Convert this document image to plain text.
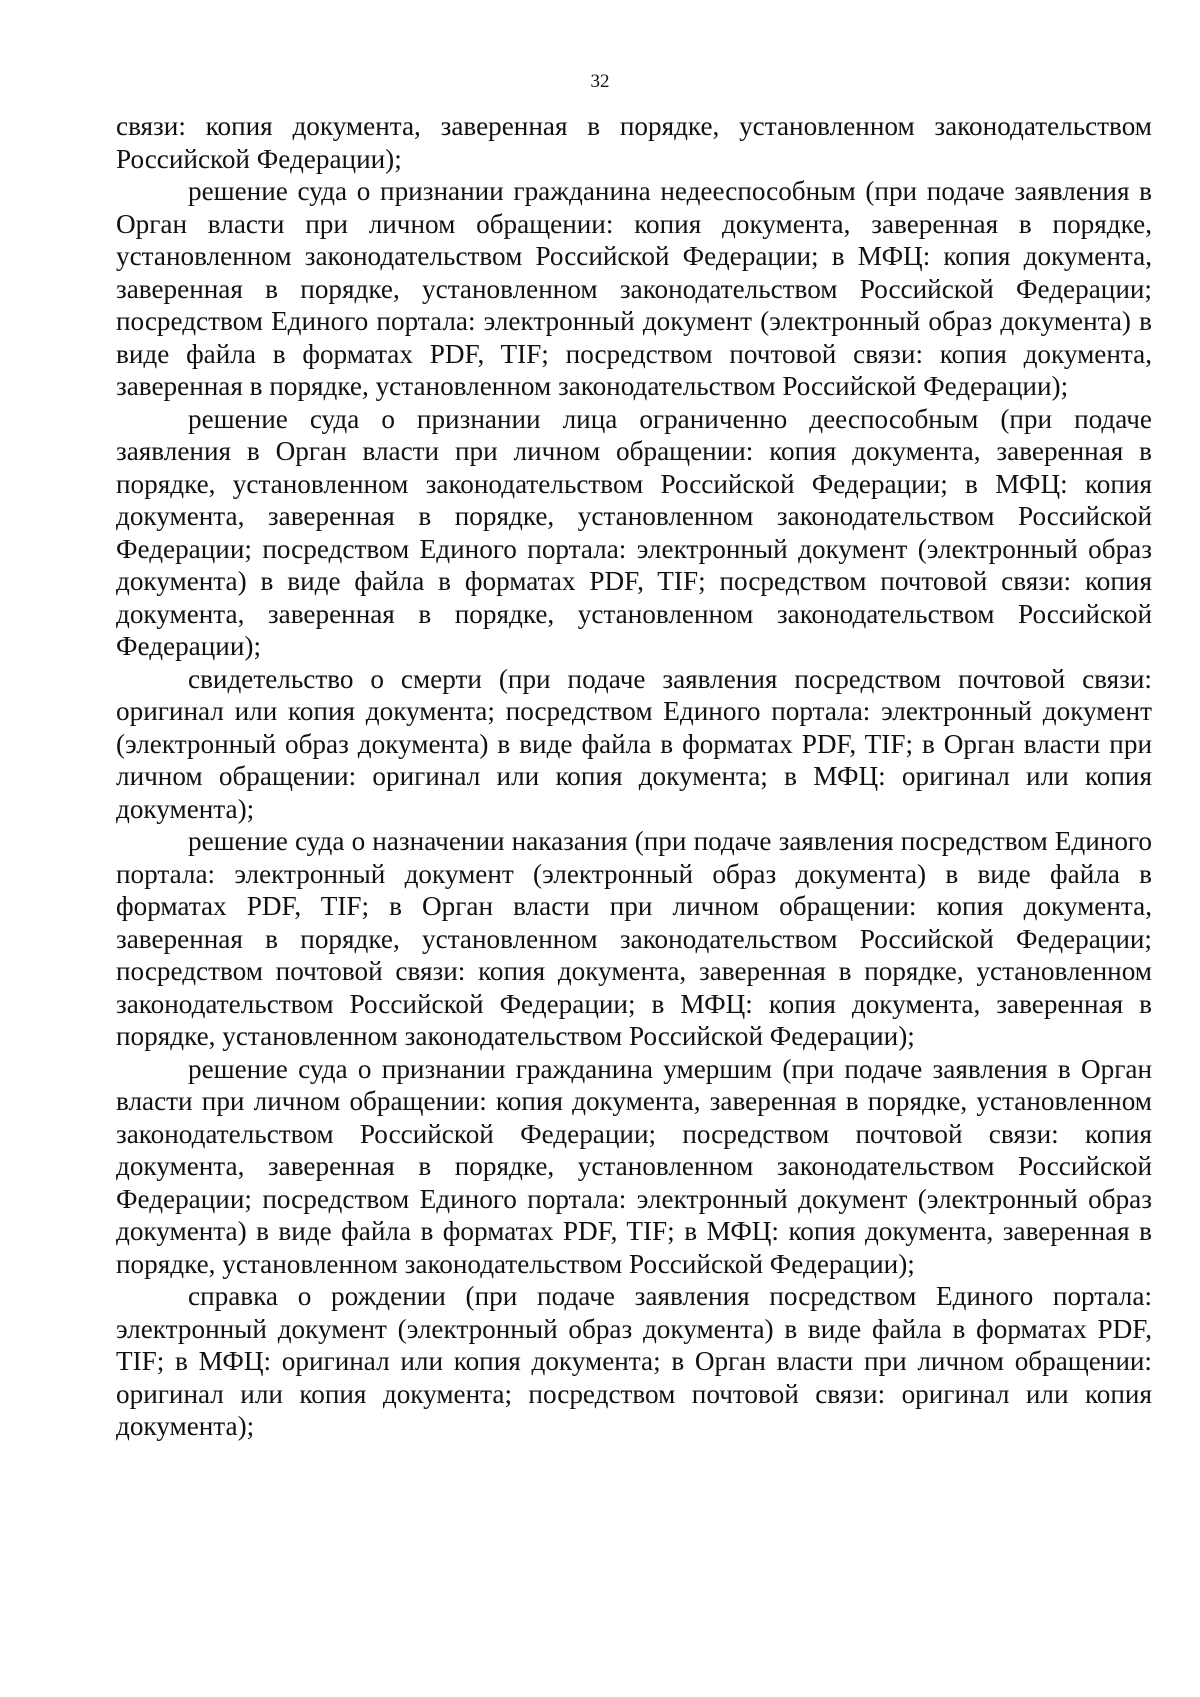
32

связи: копия документа, заверенная в порядке, установленном законодательством Российской Федерации);

решение суда о признании гражданина недееспособным (при подаче заявления в Орган власти при личном обращении: копия документа, заверенная в порядке, установленном законодательством Российской Федерации; в МФЦ: копия документа, заверенная в порядке, установленном законодательством Российской Федерации; посредством Единого портала: электронный документ (электронный образ документа) в виде файла в форматах PDF, TIF; посредством почтовой связи: копия документа, заверенная в порядке, установленном законодательством Российской Федерации);

решение суда о признании лица ограниченно дееспособным (при подаче заявления в Орган власти при личном обращении: копия документа, заверенная в порядке, установленном законодательством Российской Федерации; в МФЦ: копия документа, заверенная в порядке, установленном законодательством Российской Федерации; посредством Единого портала: электронный документ (электронный образ документа) в виде файла в форматах PDF, TIF; посредством почтовой связи: копия документа, заверенная в порядке, установленном законодательством Российской Федерации);

свидетельство о смерти (при подаче заявления посредством почтовой связи: оригинал или копия документа; посредством Единого портала: электронный документ (электронный образ документа) в виде файла в форматах PDF, TIF; в Орган власти при личном обращении: оригинал или копия документа; в МФЦ: оригинал или копия документа);

решение суда о назначении наказания (при подаче заявления посредством Единого портала: электронный документ (электронный образ документа) в виде файла в форматах PDF, TIF; в Орган власти при личном обращении: копия документа, заверенная в порядке, установленном законодательством Российской Федерации; посредством почтовой связи: копия документа, заверенная в порядке, установленном законодательством Российской Федерации; в МФЦ: копия документа, заверенная в порядке, установленном законодательством Российской Федерации);

решение суда о признании гражданина умершим (при подаче заявления в Орган власти при личном обращении: копия документа, заверенная в порядке, установленном законодательством Российской Федерации; посредством почтовой связи: копия документа, заверенная в порядке, установленном законодательством Российской Федерации; посредством Единого портала: электронный документ (электронный образ документа) в виде файла в форматах PDF, TIF; в МФЦ: копия документа, заверенная в порядке, установленном законодательством Российской Федерации);

справка о рождении (при подаче заявления посредством Единого портала: электронный документ (электронный образ документа) в виде файла в форматах PDF, TIF; в МФЦ: оригинал или копия документа; в Орган власти при личном обращении: оригинал или копия документа; посредством почтовой связи: оригинал или копия документа);
